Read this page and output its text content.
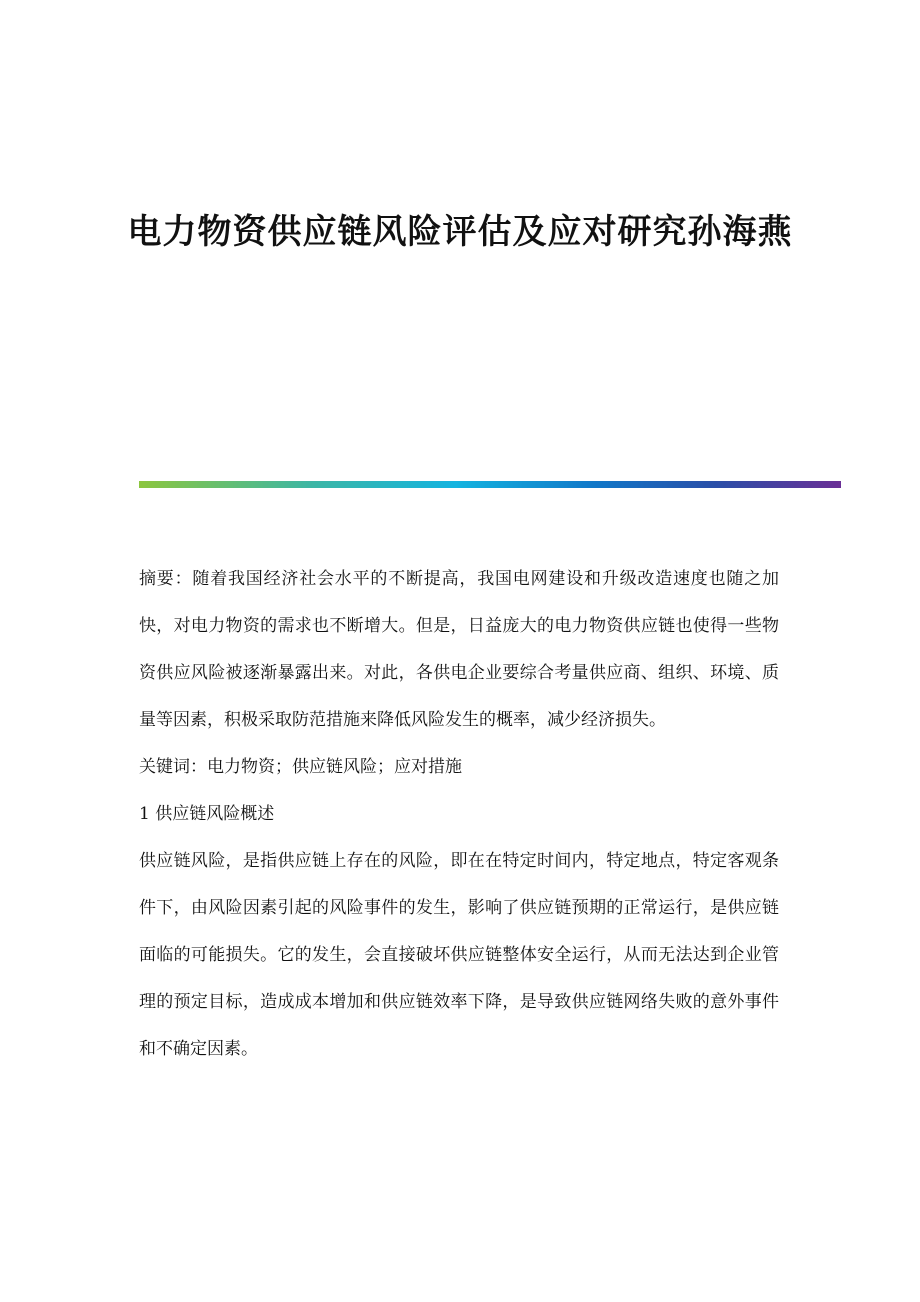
电力物资供应链风险评估及应对研究孙海燕

摘要：随着我国经济社会水平的不断提高，我国电网建设和升级改造速度也随之加快，对电力物资的需求也不断增大。但是，日益庞大的电力物资供应链也使得一些物资供应风险被逐渐暴露出来。对此，各供电企业要综合考量供应商、组织、环境、质量等因素，积极采取防范措施来降低风险发生的概率，减少经济损失。

关键词：电力物资；供应链风险；应对措施

1 供应链风险概述

供应链风险，是指供应链上存在的风险，即在在特定时间内，特定地点，特定客观条件下，由风险因素引起的风险事件的发生，影响了供应链预期的正常运行，是供应链面临的可能损失。它的发生，会直接破坏供应链整体安全运行，从而无法达到企业管理的预定目标，造成成本增加和供应链效率下降，是导致供应链网络失败的意外事件和不确定因素。
